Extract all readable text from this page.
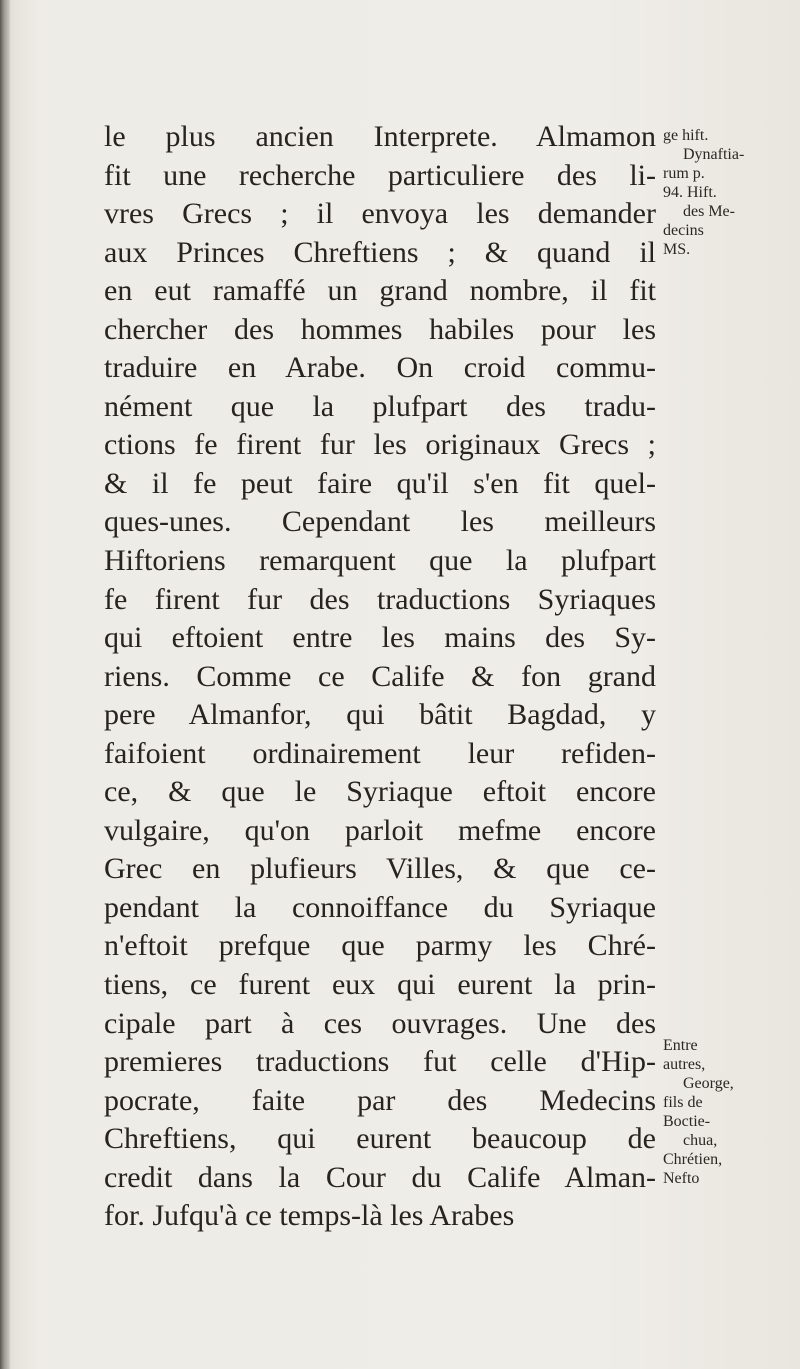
le plus ancien Interprete. Almamon
fit une recherche particuliere des li-
vres Grecs ; il envoya les demander
aux Princes Chreftiens ; & quand il
en eut ramaffé un grand nombre, il fit
chercher des hommes habiles pour les
traduire en Arabe. On croid commu-
nément que la plufpart des tradu-
ctions fe firent fur les originaux Grecs ;
& il fe peut faire qu'il s'en fit quel-
ques-unes. Cependant les meilleurs
Hiftoriens remarquent que la plufpart
fe firent fur des traductions Syriaques
qui eftoient entre les mains des Sy-
riens. Comme ce Calife & fon grand
pere Almanfor, qui bâtit Bagdad, y
faifoient ordinairement leur refiden-
ce, & que le Syriaque eftoit encore
vulgaire, qu'on parloit mefme encore
Grec en plufieurs Villes, & que ce-
pendant la connoiffance du Syriaque
n'eftoit prefque que parmy les Chré-
tiens, ce furent eux qui eurent la prin-
cipale part à ces ouvrages. Une des
premieres traductions fut celle d'Hip-
pocrate, faite par des Medecins
Chreftiens, qui eurent beaucoup de
credit dans la Cour du Calife Alman-
for. Jufqu'à ce temps-là les Arabes
ge hift.
Dynaftia-
rum p.
94. Hift.
des Me-
decins
MS.
Entre
autres,
George,
fils de
Boctie-
chua,
Chrétien,
Nefto
